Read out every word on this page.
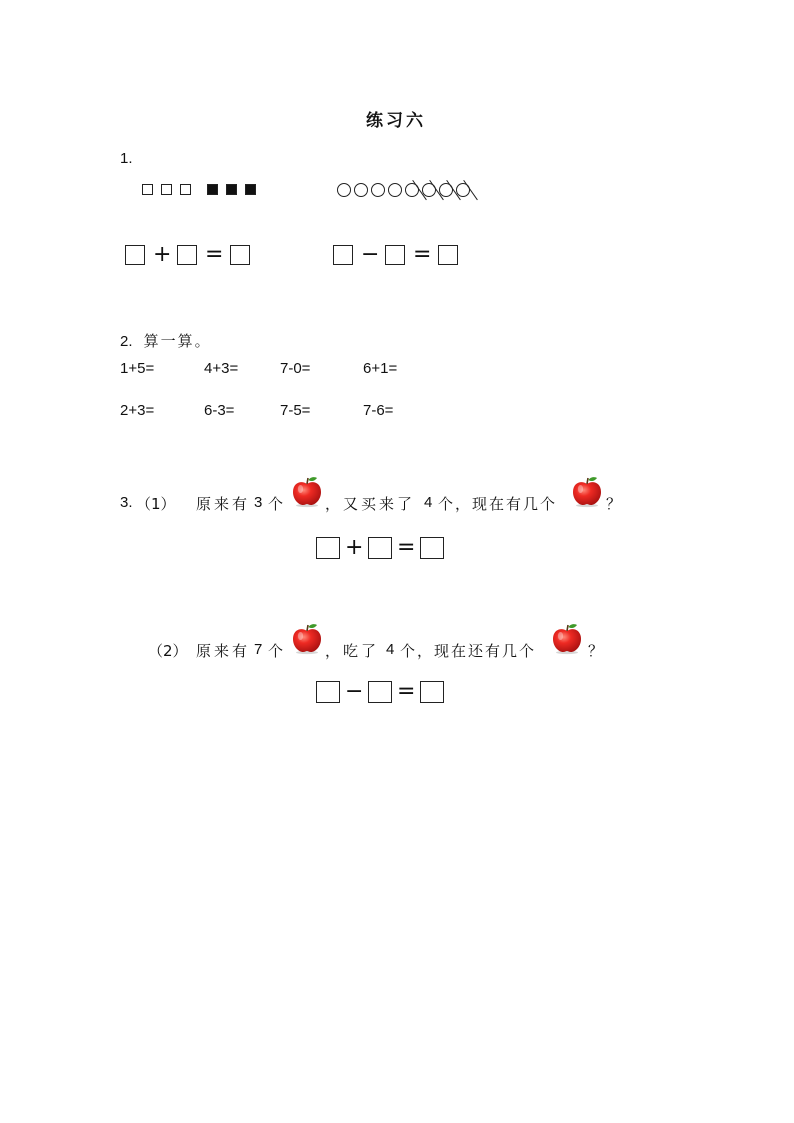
练习六
1.
+ =	− =
2. 算一算。
1+5=	4+3=	7-0=	6+1=
2+3=	6-3=	7-5=	7-6=
3. （1） 原来有 3 个	，又买来了 4 个，现在有几个	？
+ =
（2） 原来有 7 个	，吃了 4 个，现在还有几个	？
− =
